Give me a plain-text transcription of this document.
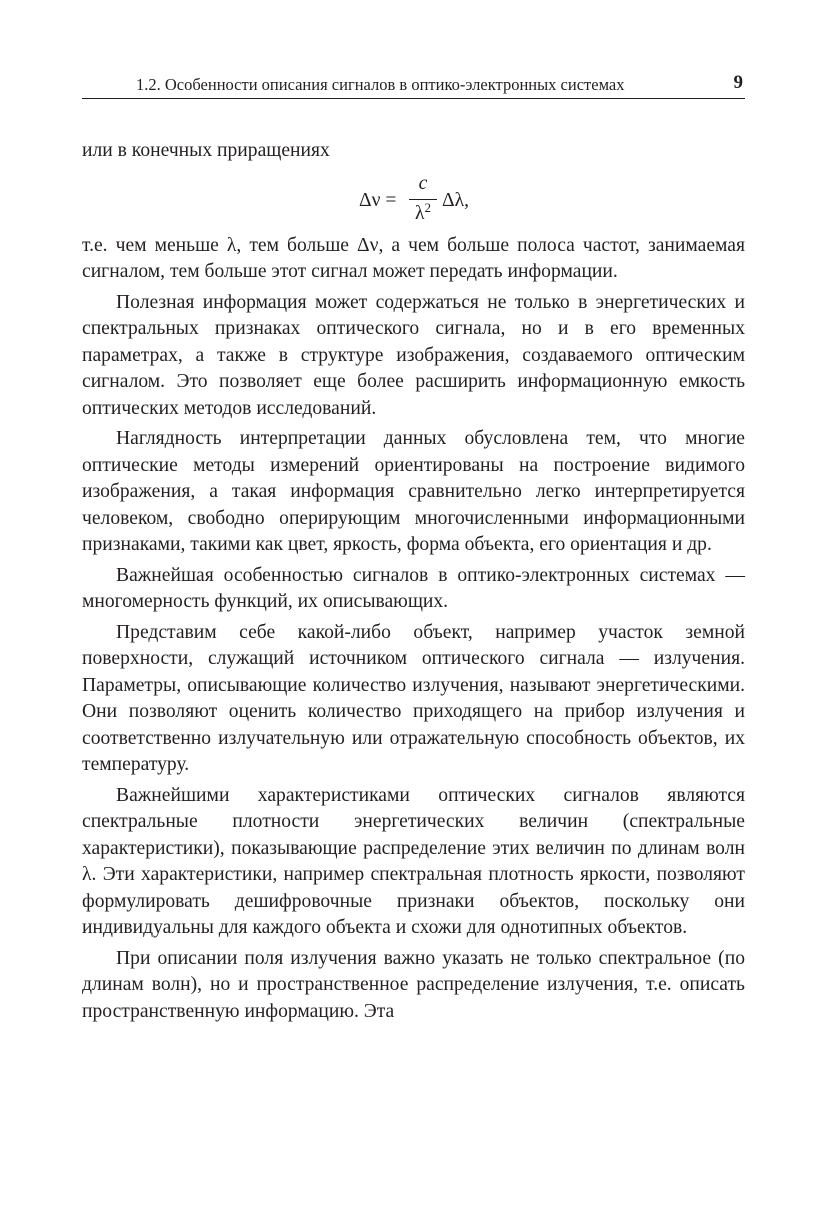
1.2. Особенности описания сигналов в оптико-электронных системах	9

или в конечных приращениях

Δν =
c
$\lambda^2$ Δλ,

т.е. чем меньше λ, тем больше Δν, а чем больше полоса частот, занимаемая сигналом, тем больше этот сигнал может передать информации.

Полезная информация может содержаться не только в энергетических и спектральных признаках оптического сигнала, но и в его временных параметрах, а также в структуре изображения, создаваемого оптическим сигналом. Это позволяет еще более расширить информационную емкость оптических методов исследований.

Наглядность интерпретации данных обусловлена тем, что многие оптические методы измерений ориентированы на построение видимого изображения, а такая информация сравнительно легко интерпретируется человеком, свободно оперирующим многочисленными информационными признаками, такими как цвет, яркость, форма объекта, его ориентация и др.

Важнейшая особенностью сигналов в оптико-электронных системах — многомерность функций, их описывающих.

Представим себе какой-либо объект, например участок земной поверхности, служащий источником оптического сигнала — излучения. Параметры, описывающие количество излучения, называют энергетическими. Они позволяют оценить количество приходящего на прибор излучения и соответственно излучательную или отражательную способность объектов, их температуру.

Важнейшими характеристиками оптических сигналов являются спектральные плотности энергетических величин (спектральные характеристики), показывающие распределение этих величин по длинам волн λ. Эти характеристики, например спектральная плотность яркости, позволяют формулировать дешифровочные признаки объектов, поскольку они индивидуальны для каждого объекта и схожи для однотипных объектов.

При описании поля излучения важно указать не только спектральное (по длинам волн), но и пространственное распределение излучения, т.е. описать пространственную информацию. Эта
